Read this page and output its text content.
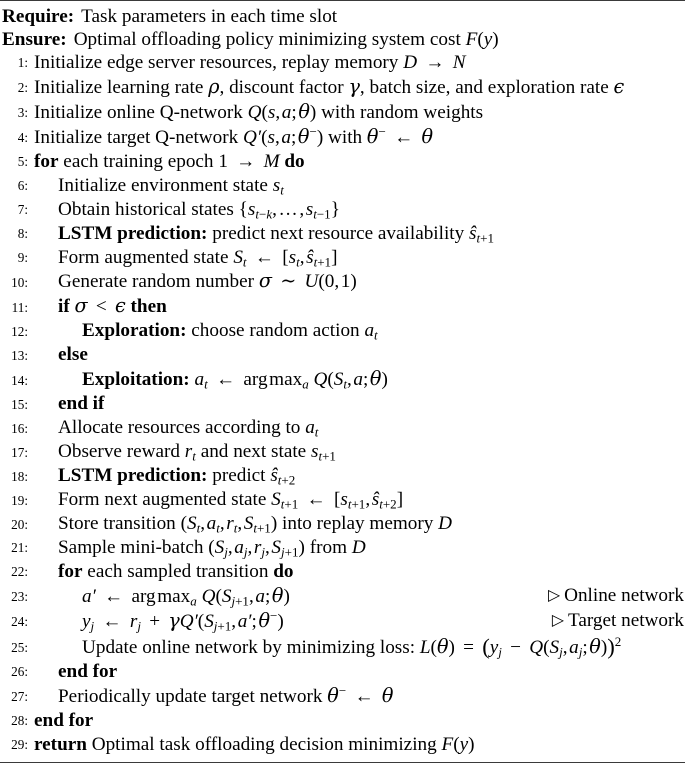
Require: Task parameters in each time slot
Ensure: Optimal offloading policy minimizing system cost F(y)
1: Initialize edge server resources, replay memory D → N
2: Initialize learning rate ρ, discount factor γ, batch size, and exploration rate ϵ
3: Initialize online Q-network Q(s, a; θ) with random weights
4: Initialize target Q-network Q′(s, a; θ−) with θ− ← θ
5: for each training epoch 1 → M do
6:	Initialize environment state $s_t$
7:	Obtain historical states {$s_{t-k}$, … , $s_{t-1}$}
8:	LSTM prediction: predict next resource availability $ŝ_{t+1}$
9:	Form augmented state $S_t$ ← [$s_t$, $ŝ_{t+1}$]
10:	Generate random number σ ∼ U(0, 1)
11:	if σ < ϵ then
12:	Exploration: choose random action $a_t$
13:	else
14:	Exploitation: $a_t$ ← arg $\max_a Q(S_t$, a; θ)
15:	end if
16:	Allocate resources according to $a_t$
17:	Observe reward $r_t$ and next state $s_{t+1}$
18:	LSTM prediction: predict $ŝ_{t+2}$
19:	Form next augmented state $S_{t+1}$ ← [$s_{t+1}$, $ŝ_{t+2}$]
20:	Store transition ($S_t$, $a_t$, $r_t$, $S_{t+1}$) into replay memory D
21:	Sample mini-batch ($S_j$, $a_j$, $r_j$, $S_{j+1}$) from D
22:	for each sampled transition do
23:	a′ ← arg $\max_a Q(S_{j+1}$, a; θ)	▷ Online network
24:	$y_j$ ← $r_j + \gamma Q'(S_{j+1}$, a′; θ−)	▷ Target network
25:	Update online network by minimizing loss: $L(\theta) = (y_j - Q(S_j$, $a_j$; θ))$^2$
26:	end for
27:	Periodically update target network θ− ← θ
28: end for
29: return Optimal task offloading decision minimizing F(y)
